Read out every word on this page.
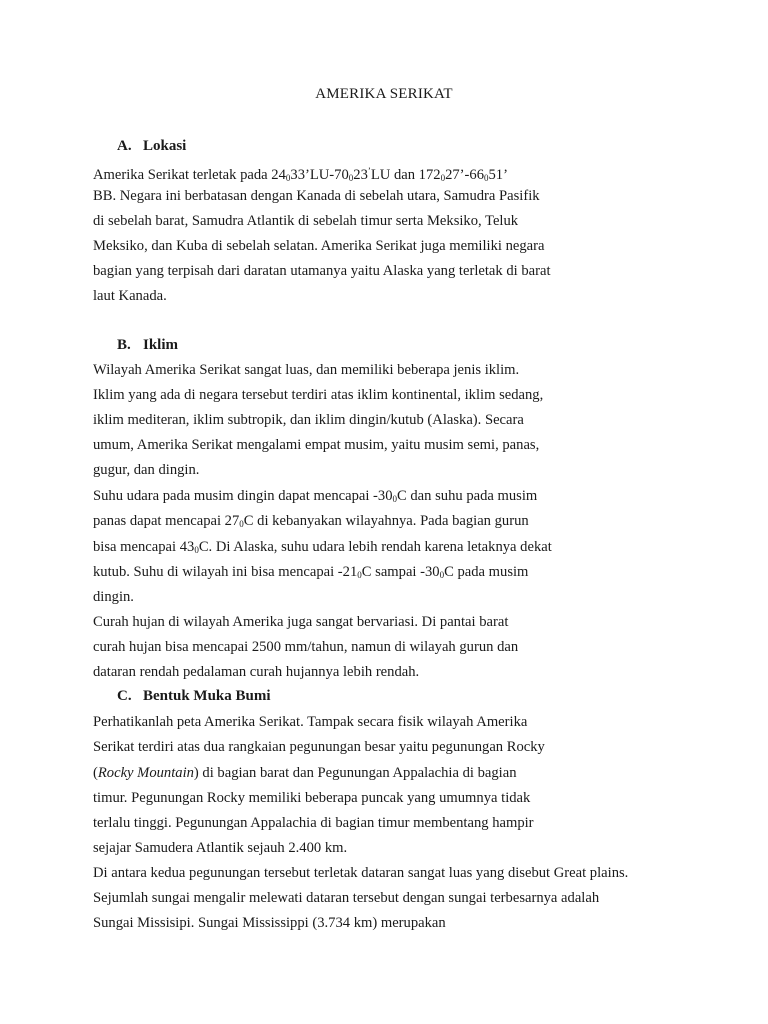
AMERIKA SERIKAT
A. Lokasi
Amerika Serikat terletak pada $24_033’LU-70_023^’LU$ dan $172_027’-66_051$’
BB. Negara ini berbatasan dengan Kanada di sebelah utara, Samudra Pasifik
di sebelah barat, Samudra Atlantik di sebelah timur serta Meksiko, Teluk
Meksiko, dan Kuba di sebelah selatan. Amerika Serikat juga memiliki negara
bagian yang terpisah dari daratan utamanya yaitu Alaska yang terletak di barat
laut Kanada.
B. Iklim
Wilayah Amerika Serikat sangat luas, dan memiliki beberapa jenis iklim.
Iklim yang ada di negara tersebut terdiri atas iklim kontinental, iklim sedang,
iklim mediteran, iklim subtropik, dan iklim dingin/kutub (Alaska). Secara
umum, Amerika Serikat mengalami empat musim, yaitu musim semi, panas,
gugur, dan dingin.
Suhu udara pada musim dingin dapat mencapai $-30_0C$ dan suhu pada musim
panas dapat mencapai $27_0C$ di kebanyakan wilayahnya. Pada bagian gurun
bisa mencapai $43_0C$. Di Alaska, suhu udara lebih rendah karena letaknya dekat
kutub. Suhu di wilayah ini bisa mencapai $-21_0C$ sampai $-30_0C$ pada musim
dingin.
Curah hujan di wilayah Amerika juga sangat bervariasi. Di pantai barat
curah hujan bisa mencapai 2500 mm/tahun, namun di wilayah gurun dan
dataran rendah pedalaman curah hujannya lebih rendah.
C. Bentuk Muka Bumi
Perhatikanlah peta Amerika Serikat. Tampak secara fisik wilayah Amerika
Serikat terdiri atas dua rangkaian pegunungan besar yaitu pegunungan Rocky
(Rocky Mountain) di bagian barat dan Pegunungan Appalachia di bagian
timur. Pegunungan Rocky memiliki beberapa puncak yang umumnya tidak
terlalu tinggi. Pegunungan Appalachia di bagian timur membentang hampir
sejajar Samudera Atlantik sejauh 2.400 km.
Di antara kedua pegunungan tersebut terletak dataran sangat luas yang disebut Great plains.
Sejumlah sungai mengalir melewati dataran tersebut dengan sungai terbesarnya adalah
Sungai Missisipi. Sungai Mississippi (3.734 km) merupakan
